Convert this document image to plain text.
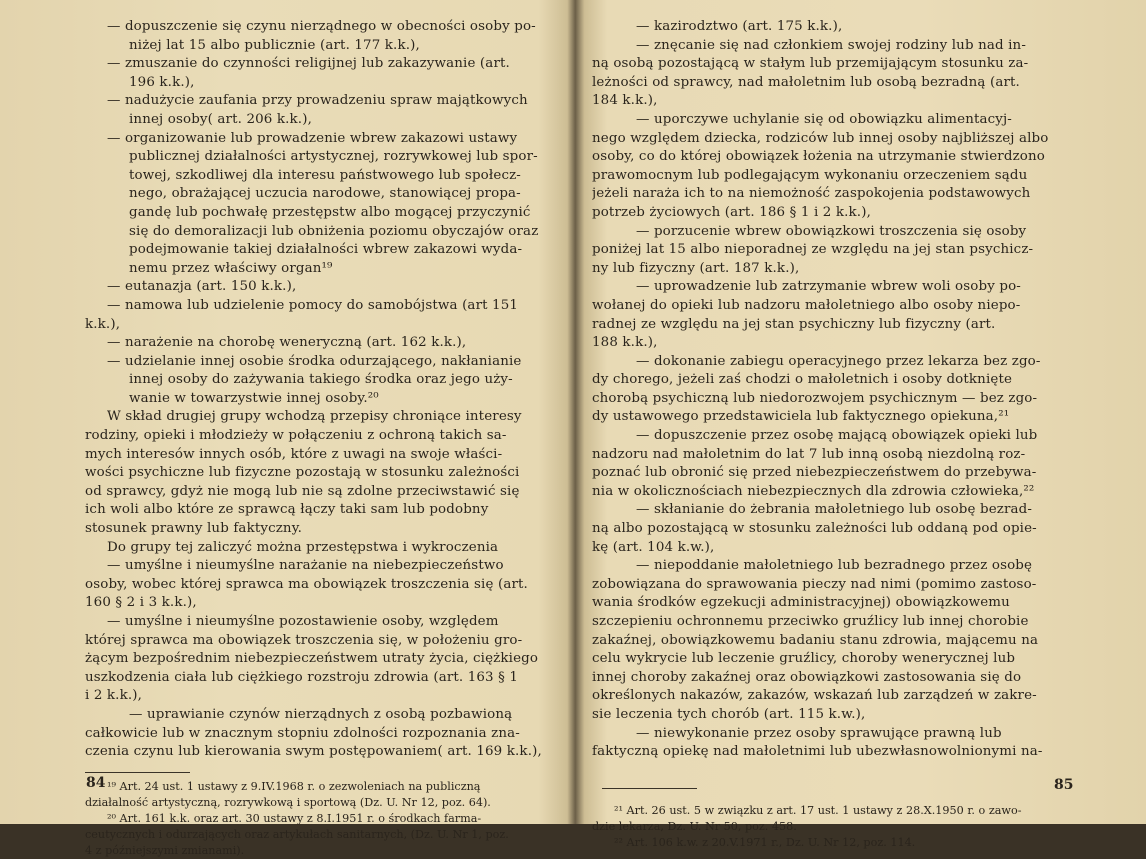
— dopuszczenie się czynu nierządnego w obecności osoby po-
niżej lat 15 albo publicznie (art. 177 k.k.),
— zmuszanie do czynności religijnej lub zakazywanie (art.
196 k.k.),
— nadużycie zaufania przy prowadzeniu spraw majątkowych
innej osoby( art. 206 k.k.),
— organizowanie lub prowadzenie wbrew zakazowi ustawy
publicznej działalności artystycznej, rozrywkowej lub spor-
towej, szkodliwej dla interesu państwowego lub społecz-
nego, obrażającej uczucia narodowe, stanowiącej propa-
gandę lub pochwałę przestępstw albo mogącej przyczynić
się do demoralizacji lub obniżenia poziomu obyczajów oraz
podejmowanie takiej działalności wbrew zakazowi wyda-
nemu przez właściwy organ¹⁹
— eutanazja (art. 150 k.k.),
— namowa lub udzielenie pomocy do samobójstwa (art 151
k.k.),
— narażenie na chorobę weneryczną (art. 162 k.k.),
— udzielanie innej osobie środka odurzającego, nakłanianie
innej osoby do zażywania takiego środka oraz jego uży-
wanie w towarzystwie innej osoby.²⁰
W skład drugiej grupy wchodzą przepisy chroniące interesy
rodziny, opieki i młodzieży w połączeniu z ochroną takich sa-
mych interesów innych osób, które z uwagi na swoje właści-
wości psychiczne lub fizyczne pozostają w stosunku zależności
od sprawcy, gdyż nie mogą lub nie są zdolne przeciwstawić się
ich woli albo które ze sprawcą łączy taki sam lub podobny
stosunek prawny lub faktyczny.
Do grupy tej zaliczyć można przestępstwa i wykroczenia
— umyślne i nieumyślne narażanie na niebezpieczeństwo
osoby, wobec której sprawca ma obowiązek troszczenia się (art.
160 § 2 i 3 k.k.),
— umyślne i nieumyślne pozostawienie osoby, względem
której sprawca ma obowiązek troszczenia się, w położeniu gro-
żącym bezpośrednim niebezpieczeństwem utraty życia, ciężkiego
uszkodzenia ciała lub ciężkiego rozstroju zdrowia (art. 163 § 1
i 2 k.k.),
— uprawianie czynów nierządnych z osobą pozbawioną
całkowicie lub w znacznym stopniu zdolności rozpoznania zna-
czenia czynu lub kierowania swym postępowaniem( art. 169 k.k.),
¹⁹ Art. 24 ust. 1 ustawy z 9.IV.1968 r. o zezwoleniach na publiczną
działalność artystyczną, rozrywkową i sportową (Dz. U. Nr 12, poz. 64).
²⁰ Art. 161 k.k. oraz art. 30 ustawy z 8.I.1951 r. o środkach farma-
ceutycznych i odurzających oraz artykułach sanitarnych, (Dz. U. Nr 1, poz.
4 z późniejszymi zmianami).
84
— kazirodztwo (art. 175 k.k.),
— znęcanie się nad członkiem swojej rodziny lub nad in-
ną osobą pozostającą w stałym lub przemijającym stosunku za-
leżności od sprawcy, nad małoletnim lub osobą bezradną (art.
184 k.k.),
— uporczywe uchylanie się od obowiązku alimentacyj-
nego względem dziecka, rodziców lub innej osoby najbliższej albo
osoby, co do której obowiązek łożenia na utrzymanie stwierdzono
prawomocnym lub podlegającym wykonaniu orzeczeniem sądu
jeżeli naraża ich to na niemożność zaspokojenia podstawowych
potrzeb życiowych (art. 186 § 1 i 2 k.k.),
— porzucenie wbrew obowiązkowi troszczenia się osoby
poniżej lat 15 albo nieporadnej ze względu na jej stan psychicz-
ny lub fizyczny (art. 187 k.k.),
— uprowadzenie lub zatrzymanie wbrew woli osoby po-
wołanej do opieki lub nadzoru małoletniego albo osoby niepo-
radnej ze względu na jej stan psychiczny lub fizyczny (art.
188 k.k.),
— dokonanie zabiegu operacyjnego przez lekarza bez zgo-
dy chorego, jeżeli zaś chodzi o małoletnich i osoby dotknięte
chorobą psychiczną lub niedorozwojem psychicznym — bez zgo-
dy ustawowego przedstawiciela lub faktycznego opiekuna,²¹
— dopuszczenie przez osobę mającą obowiązek opieki lub
nadzoru nad małoletnim do lat 7 lub inną osobą niezdolną roz-
poznać lub obronić się przed niebezpieczeństwem do przebywa-
nia w okolicznościach niebezpiecznych dla zdrowia człowieka,²²
— skłanianie do żebrania małoletniego lub osobę bezrad-
ną albo pozostającą w stosunku zależności lub oddaną pod opie-
kę (art. 104 k.w.),
— niepoddanie małoletniego lub bezradnego przez osobę
zobowiązana do sprawowania pieczy nad nimi (pomimo zastoso-
wania środków egzekucji administracyjnej) obowiązkowemu
szczepieniu ochronnemu przeciwko gruźlicy lub innej chorobie
zakaźnej, obowiązkowemu badaniu stanu zdrowia, mającemu na
celu wykrycie lub leczenie gruźlicy, choroby wenerycznej lub
innej choroby zakaźnej oraz obowiązkowi zastosowania się do
określonych nakazów, zakazów, wskazań lub zarządzeń w zakre-
sie leczenia tych chorób (art. 115 k.w.),
— niewykonanie przez osoby sprawujące prawną lub
faktyczną opiekę nad małoletnimi lub ubezwłasnowolnionymi na-
²¹ Art. 26 ust. 5 w związku z art. 17 ust. 1 ustawy z 28.X.1950 r. o zawo-
dzie lekarza, Dz. U. Nr 50, poz. 458.
²² Art. 106 k.w. z 20.V.1971 r., Dz. U. Nr 12, poz. 114.
85
